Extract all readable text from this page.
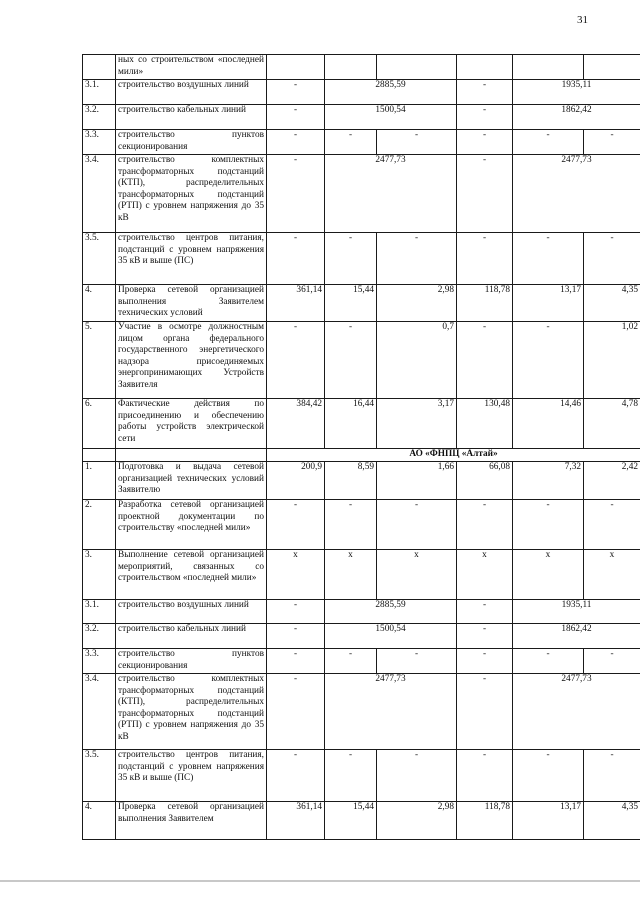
31
	ных со строительством «последней мили»						
3.1.	строительство воздушных линий	-	2885,59		-	1935,11	
3.2.	строительство кабельных линий	-	1500,54		-	1862,42	
3.3.	строительство пунктов секционирования	-	-	-	-	-	-
3.4.	строительство комплектных трансформаторных подстанций (КТП), распределительных трансформаторных подстанций (РТП) с уровнем напряжения до 35 кВ	-	2477,73		-	2477,73	
3.5.	строительство центров питания, подстанций с уровнем напряжения 35 кВ и выше (ПС)	-	-	-	-	-	-
4.	Проверка сетевой организацией выполнения Заявителем технических условий	361,14	15,44	2,98	118,78	13,17	4,35
5.	Участие в осмотре должностным лицом органа федерального государственного энергетического надзора присоединяемых энергопринимающих Устройств Заявителя	-	-	0,7	-	-	1,02
6.	Фактические действия по присоединению и обеспечению работы устройств электрической сети	384,42	16,44	3,17	130,48	14,46	4,78
		АО «ФНПЦ «Алтай»					
1.	Подготовка и выдача сетевой организацией технических условий Заявителю	200,9	8,59	1,66	66,08	7,32	2,42
2.	Разработка сетевой организацией проектной документации по строительству «последней мили»	-	-	-	-	-	-
3.	Выполнение сетевой организацией мероприятий, связанных со строительством «последней мили»	х	х	х	х	х	х
3.1.	строительство воздушных линий	-	2885,59		-	1935,11	
3.2.	строительство кабельных линий	-	1500,54		-	1862,42	
3.3.	строительство пунктов секционирования	-	-	-	-	-	-
3.4.	строительство комплектных трансформаторных подстанций (КТП), распределительных трансформаторных подстанций (РТП) с уровнем напряжения до 35 кВ	-	2477,73		-	2477,73	
3.5.	строительство центров питания, подстанций с уровнем напряжения 35 кВ и выше (ПС)	-	-	-	-	-	-
4.	Проверка сетевой организацией выполнения Заявителем	361,14	15,44	2,98	118,78	13,17	4,35
